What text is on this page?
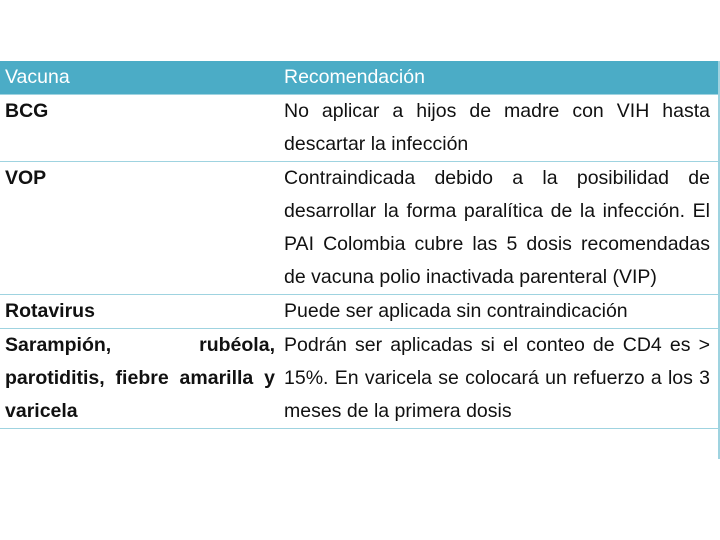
Vacuna	Recomendación
BCG	No aplicar a hijos de madre con VIH hasta descartar la infección
VOP	Contraindicada debido a la posibilidad de desarrollar la forma paralítica de la infección. El PAI Colombia cubre las 5 dosis recomendadas de vacuna polio inactivada parenteral (VIP)
Rotavirus	Puede ser aplicada sin contraindicación
Sarampión, rubéola, parotiditis, fiebre amarilla y varicela	Podrán ser aplicadas si el conteo de CD4 es > 15%. En varicela se colocará un refuerzo a los 3 meses de la primera dosis
